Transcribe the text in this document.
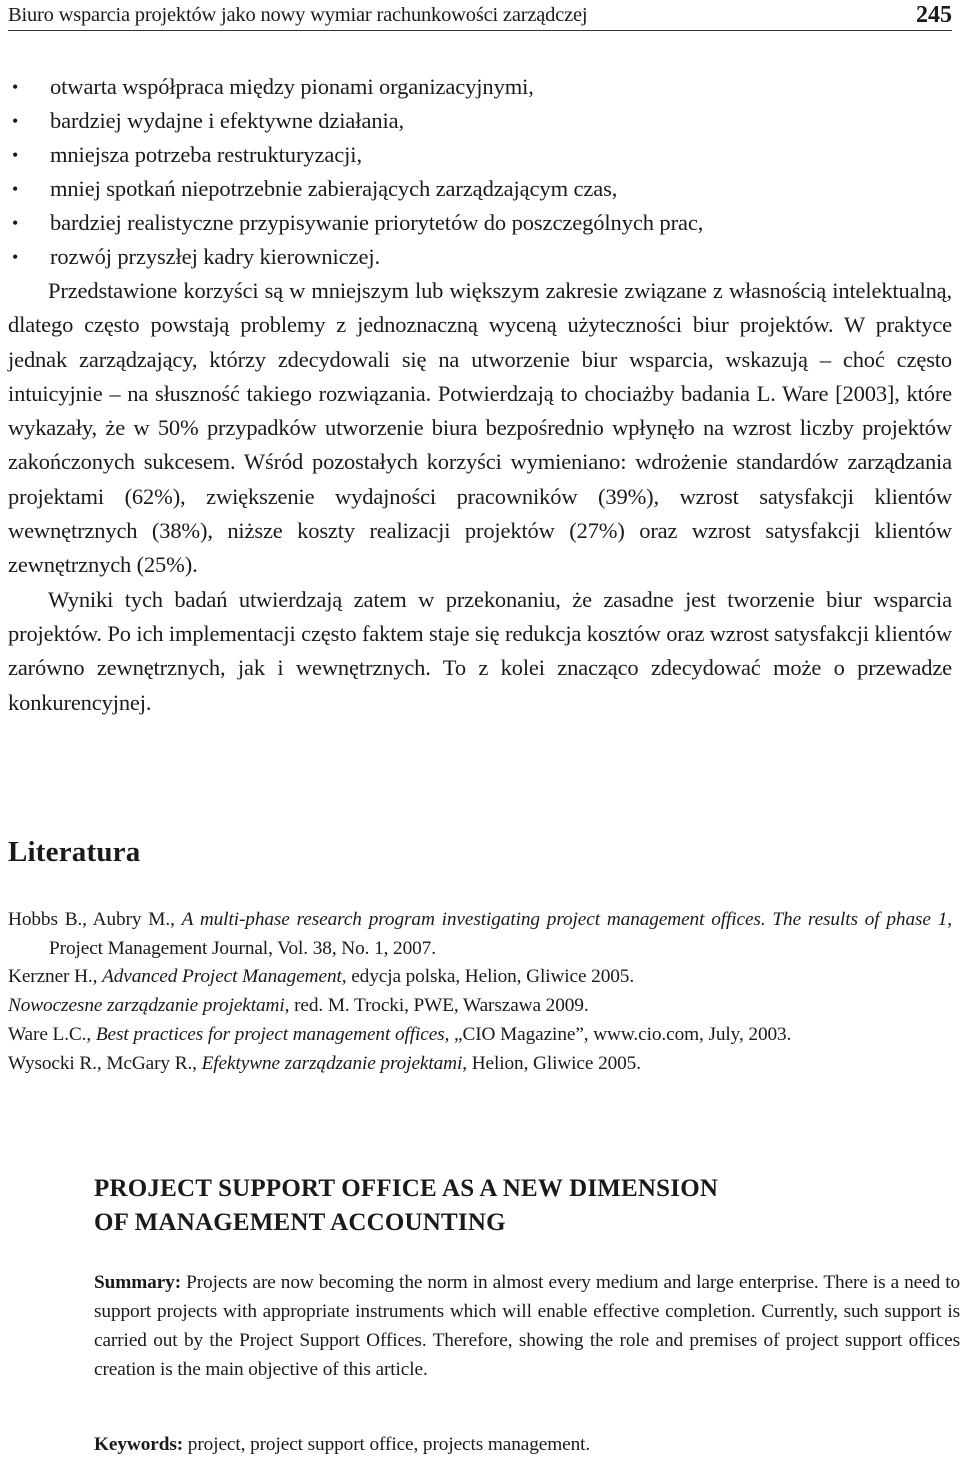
Biuro wsparcia projektów jako nowy wymiar rachunkowości zarządczej	245
• otwarta współpraca między pionami organizacyjnymi,
• bardziej wydajne i efektywne działania,
• mniejsza potrzeba restrukturyzacji,
• mniej spotkań niepotrzebnie zabierających zarządzającym czas,
• bardziej realistyczne przypisywanie priorytetów do poszczególnych prac,
• rozwój przyszłej kadry kierowniczej.

Przedstawione korzyści są w mniejszym lub większym zakresie związane z własnością intelektualną, dlatego często powstają problemy z jednoznaczną wyceną użyteczności biur projektów. W praktyce jednak zarządzający, którzy zdecydowali się na utworzenie biur wsparcia, wskazują – choć często intuicyjnie – na słuszność takiego rozwiązania. Potwierdzają to chociażby badania L. Ware [2003], które wykazały, że w 50% przypadków utworzenie biura bezpośrednio wpłynęło na wzrost liczby projektów zakończonych sukcesem. Wśród pozostałych korzyści wymieniano: wdrożenie standardów zarządzania projektami (62%), zwiększenie wydajności pracowników (39%), wzrost satysfakcji klientów wewnętrznych (38%), niższe koszty realizacji projektów (27%) oraz wzrost satysfakcji klientów zewnętrznych (25%).

Wyniki tych badań utwierdzają zatem w przekonaniu, że zasadne jest tworzenie biur wsparcia projektów. Po ich implementacji często faktem staje się redukcja kosztów oraz wzrost satysfakcji klientów zarówno zewnętrznych, jak i wewnętrznych. To z kolei znacząco zdecydować może o przewadze konkurencyjnej.

Literatura
Hobbs B., Aubry M., A multi-phase research program investigating project management offices. The results of phase 1, Project Management Journal, Vol. 38, No. 1, 2007.
Kerzner H., Advanced Project Management, edycja polska, Helion, Gliwice 2005.
Nowoczesne zarządzanie projektami, red. M. Trocki, PWE, Warszawa 2009.
Ware L.C., Best practices for project management offices, „CIO Magazine”, www.cio.com, July, 2003.
Wysocki R., McGary R., Efektywne zarządzanie projektami, Helion, Gliwice 2005.
PROJECT SUPPORT OFFICE AS A NEW DIMENSION
OF MANAGEMENT ACCOUNTING
Summary: Projects are now becoming the norm in almost every medium and large enterprise. There is a need to support projects with appropriate instruments which will enable effective completion. Currently, such support is carried out by the Project Support Offices. Therefore, showing the role and premises of project support offices creation is the main objective of this article.
Keywords: project, project support office, projects management.
